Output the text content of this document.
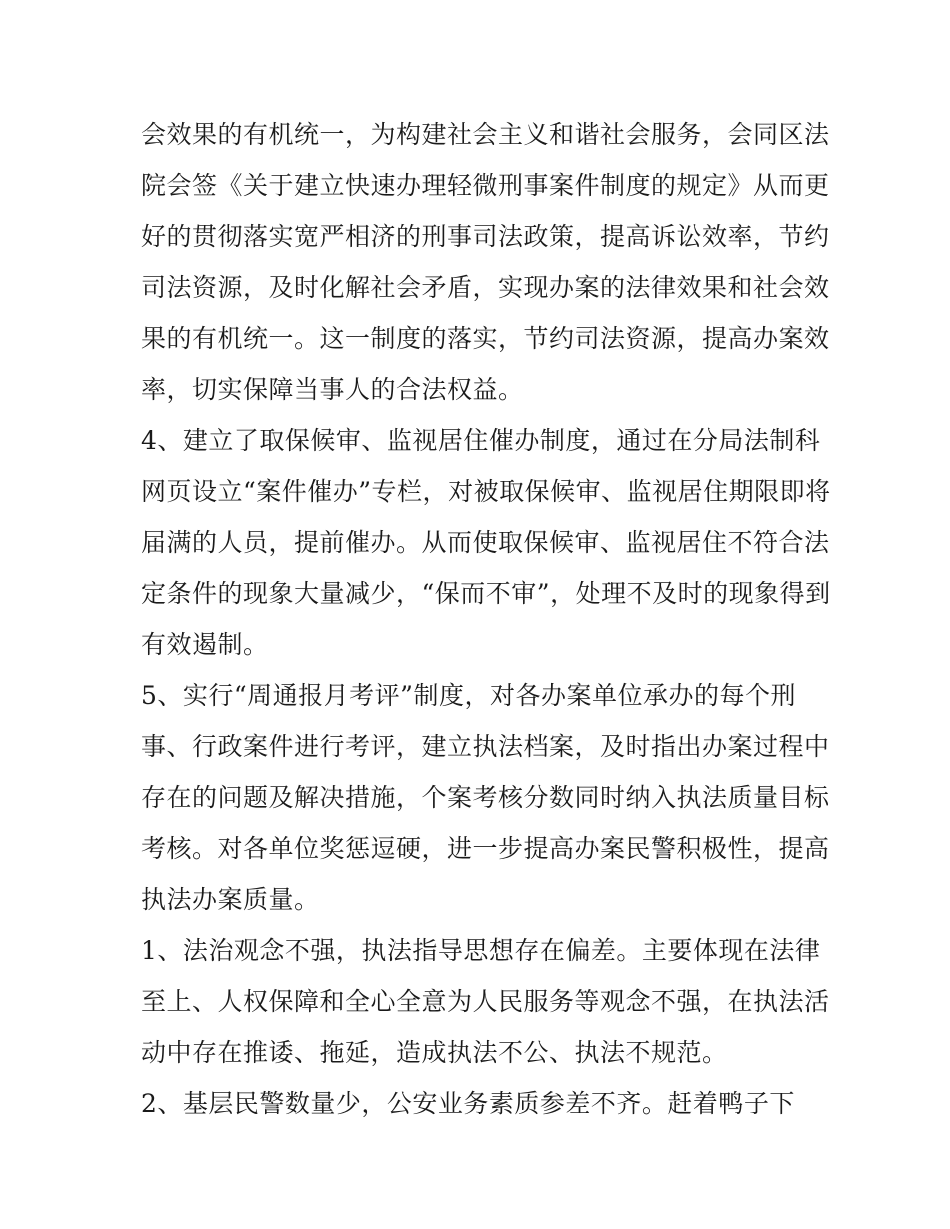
会效果的有机统一，为构建社会主义和谐社会服务，会同区法
院会签《关于建立快速办理轻微刑事案件制度的规定》从而更
好的贯彻落实宽严相济的刑事司法政策，提高诉讼效率，节约
司法资源，及时化解社会矛盾，实现办案的法律效果和社会效
果的有机统一。这一制度的落实，节约司法资源，提高办案效
率，切实保障当事人的合法权益。
4、建立了取保候审、监视居住催办制度，通过在分局法制科
网页设立“案件催办”专栏，对被取保候审、监视居住期限即将
届满的人员，提前催办。从而使取保候审、监视居住不符合法
定条件的现象大量减少，“保而不审”，处理不及时的现象得到
有效遏制。
5、实行“周通报月考评”制度，对各办案单位承办的每个刑
事、行政案件进行考评，建立执法档案，及时指出办案过程中
存在的问题及解决措施，个案考核分数同时纳入执法质量目标
考核。对各单位奖惩逗硬，进一步提高办案民警积极性，提高
执法办案质量。
1、法治观念不强，执法指导思想存在偏差。主要体现在法律
至上、人权保障和全心全意为人民服务等观念不强，在执法活
动中存在推诿、拖延，造成执法不公、执法不规范。
2、基层民警数量少，公安业务素质参差不齐。赶着鸭子下
